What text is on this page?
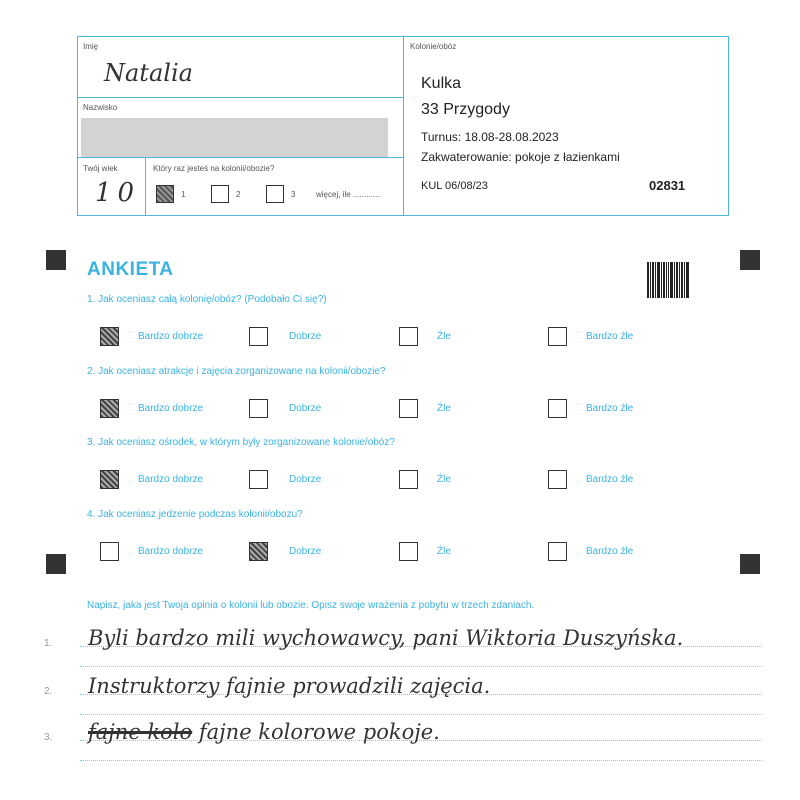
Imię
Natalia
Nazwisko
Twój wiek
10
Który raz jesteś na kolonii/obozie?
1	2	3	więcej, ile ............
Kolonie/obóz
Kulka
33 Przygody
Turnus: 18.08-28.08.2023
Zakwaterowanie: pokoje z łazienkami
KUL 06/08/23	02831
ANKIETA
1. Jak oceniasz całą kolonię/obóz? (Podobało Ci się?)
Bardzo dobrze	Dobrze	Źle	Bardzo źle
2. Jak oceniasz atrakcje i zajęcia zorganizowane na kolonii/obozie?
Bardzo dobrze	Dobrze	Źle	Bardzo źle
3. Jak oceniasz ośrodek, w którym były zorganizowane kolonie/obóz?
Bardzo dobrze	Dobrze	Źle	Bardzo źle
4. Jak oceniasz jedzenie podczas kolonii/obozu?
Bardzo dobrze	Dobrze	Źle	Bardzo źle
Napisz, jaka jest Twoja opinia o kolonii lub obozie. Opisz swoje wrażenia z pobytu w trzech zdaniach.
1. Byli bardzo mili wychowawcy, pani Wiktoria Duszyńska.
2. Instruktorzy fajnie prowadzili zajęcia.
3. fajne kolo fajne kolorowe pokoje.
